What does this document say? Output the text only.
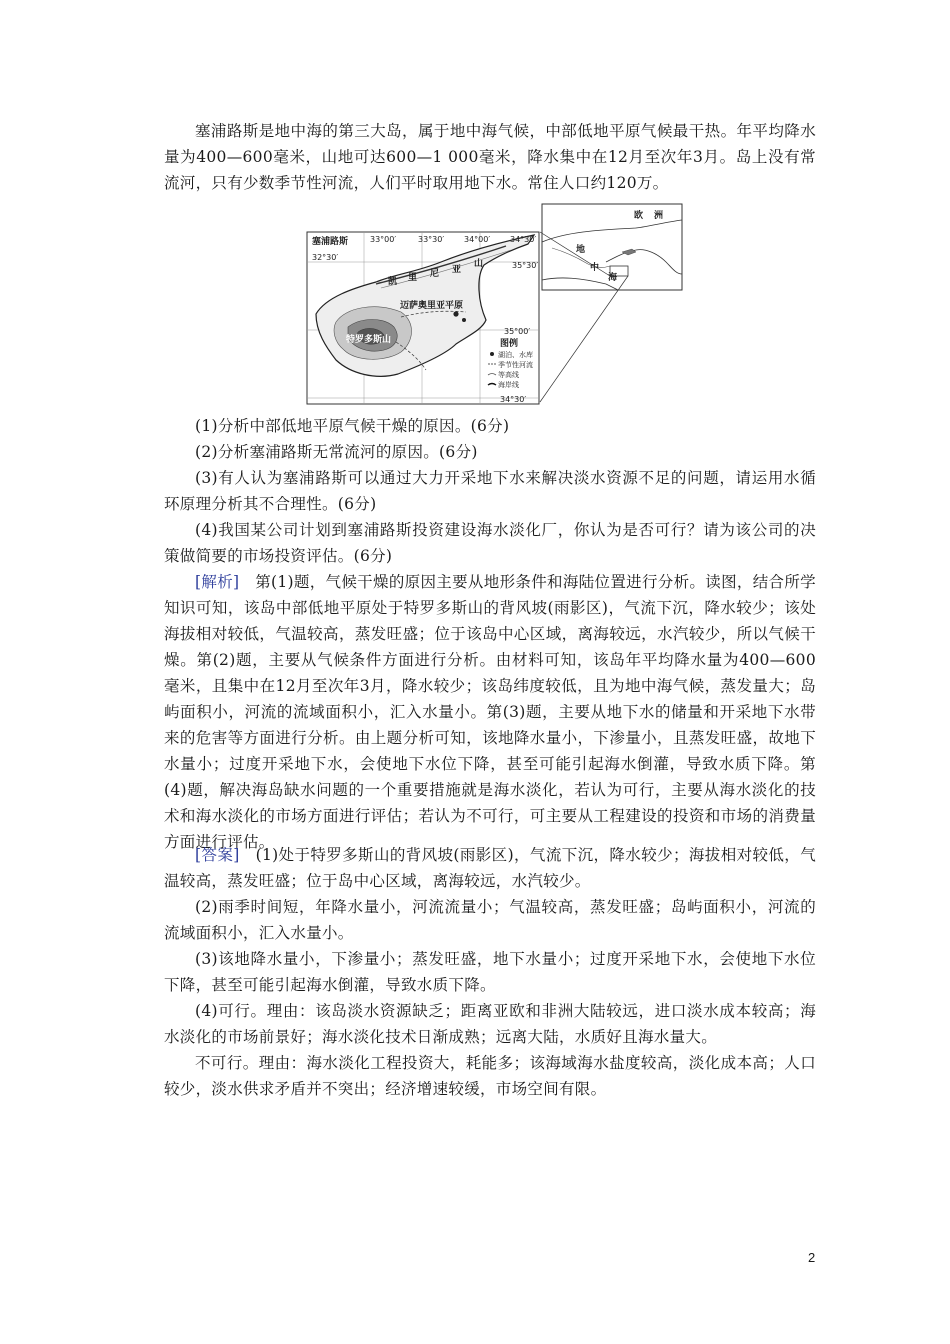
塞浦路斯是地中海的第三大岛，属于地中海气候，中部低地平原气候最干热。年平均降水量为400—600毫米，山地可达600—1 000毫米，降水集中在12月至次年3月。岛上没有常流河，只有少数季节性河流，人们平时取用地下水。常住人口约120万。

塞浦路斯	33°00′	33°30′ 34°00′ 34°30′
32°30′
35°30′
35°00′
34°30′
凯 里 尼 亚
山
迈萨奥里亚平原
特罗多斯山	图例
湖泊、水库
季节性河流
等高线
海岸线
欧 洲
地
中
海

(1)分析中部低地平原气候干燥的原因。(6分)

(2)分析塞浦路斯无常流河的原因。(6分)

(3)有人认为塞浦路斯可以通过大力开采地下水来解决淡水资源不足的问题，请运用水循环原理分析其不合理性。(6分)

(4)我国某公司计划到塞浦路斯投资建设海水淡化厂，你认为是否可行？请为该公司的决策做简要的市场投资评估。(6分)

[解析]　 第(1)题，气候干燥的原因主要从地形条件和海陆位置进行分析。读图，结合所学知识可知，该岛中部低地平原处于特罗多斯山的背风坡(雨影区)，气流下沉，降水较少；该处海拔相对较低，气温较高，蒸发旺盛；位于该岛中心区域，离海较远，水汽较少，所以气候干燥。第(2)题，主要从气候条件方面进行分析。由材料可知，该岛年平均降水量为400—600毫米，且集中在12月至次年3月，降水较少；该岛纬度较低，且为地中海气候，蒸发量大；岛屿面积小，河流的流域面积小，汇入水量小。第(3)题，主要从地下水的储量和开采地下水带来的危害等方面进行分析。由上题分析可知，该地降水量小，下渗量小，且蒸发旺盛，故地下水量小；过度开采地下水，会使地下水位下降，甚至可能引起海水倒灌，导致水质下降。第(4)题，解决海岛缺水问题的一个重要措施就是海水淡化，若认为可行，主要从海水淡化的技术和海水淡化的市场方面进行评估；若认为不可行，可主要从工程建设的投资和市场的消费量方面进行评估。

[答案]　 (1)处于特罗多斯山的背风坡(雨影区)，气流下沉，降水较少；海拔相对较低，气温较高，蒸发旺盛；位于岛中心区域，离海较远，水汽较少。

(2)雨季时间短，年降水量小，河流流量小；气温较高，蒸发旺盛；岛屿面积小，河流的流域面积小，汇入水量小。

(3)该地降水量小，下渗量小；蒸发旺盛，地下水量小；过度开采地下水，会使地下水位下降，甚至可能引起海水倒灌，导致水质下降。

(4)可行。理由：该岛淡水资源缺乏；距离亚欧和非洲大陆较远，进口淡水成本较高；海水淡化的市场前景好；海水淡化技术日渐成熟；远离大陆，水质好且海水量大。

不可行。理由：海水淡化工程投资大，耗能多；该海域海水盐度较高，淡化成本高；人口较少，淡水供求矛盾并不突出；经济增速较缓，市场空间有限。

2
